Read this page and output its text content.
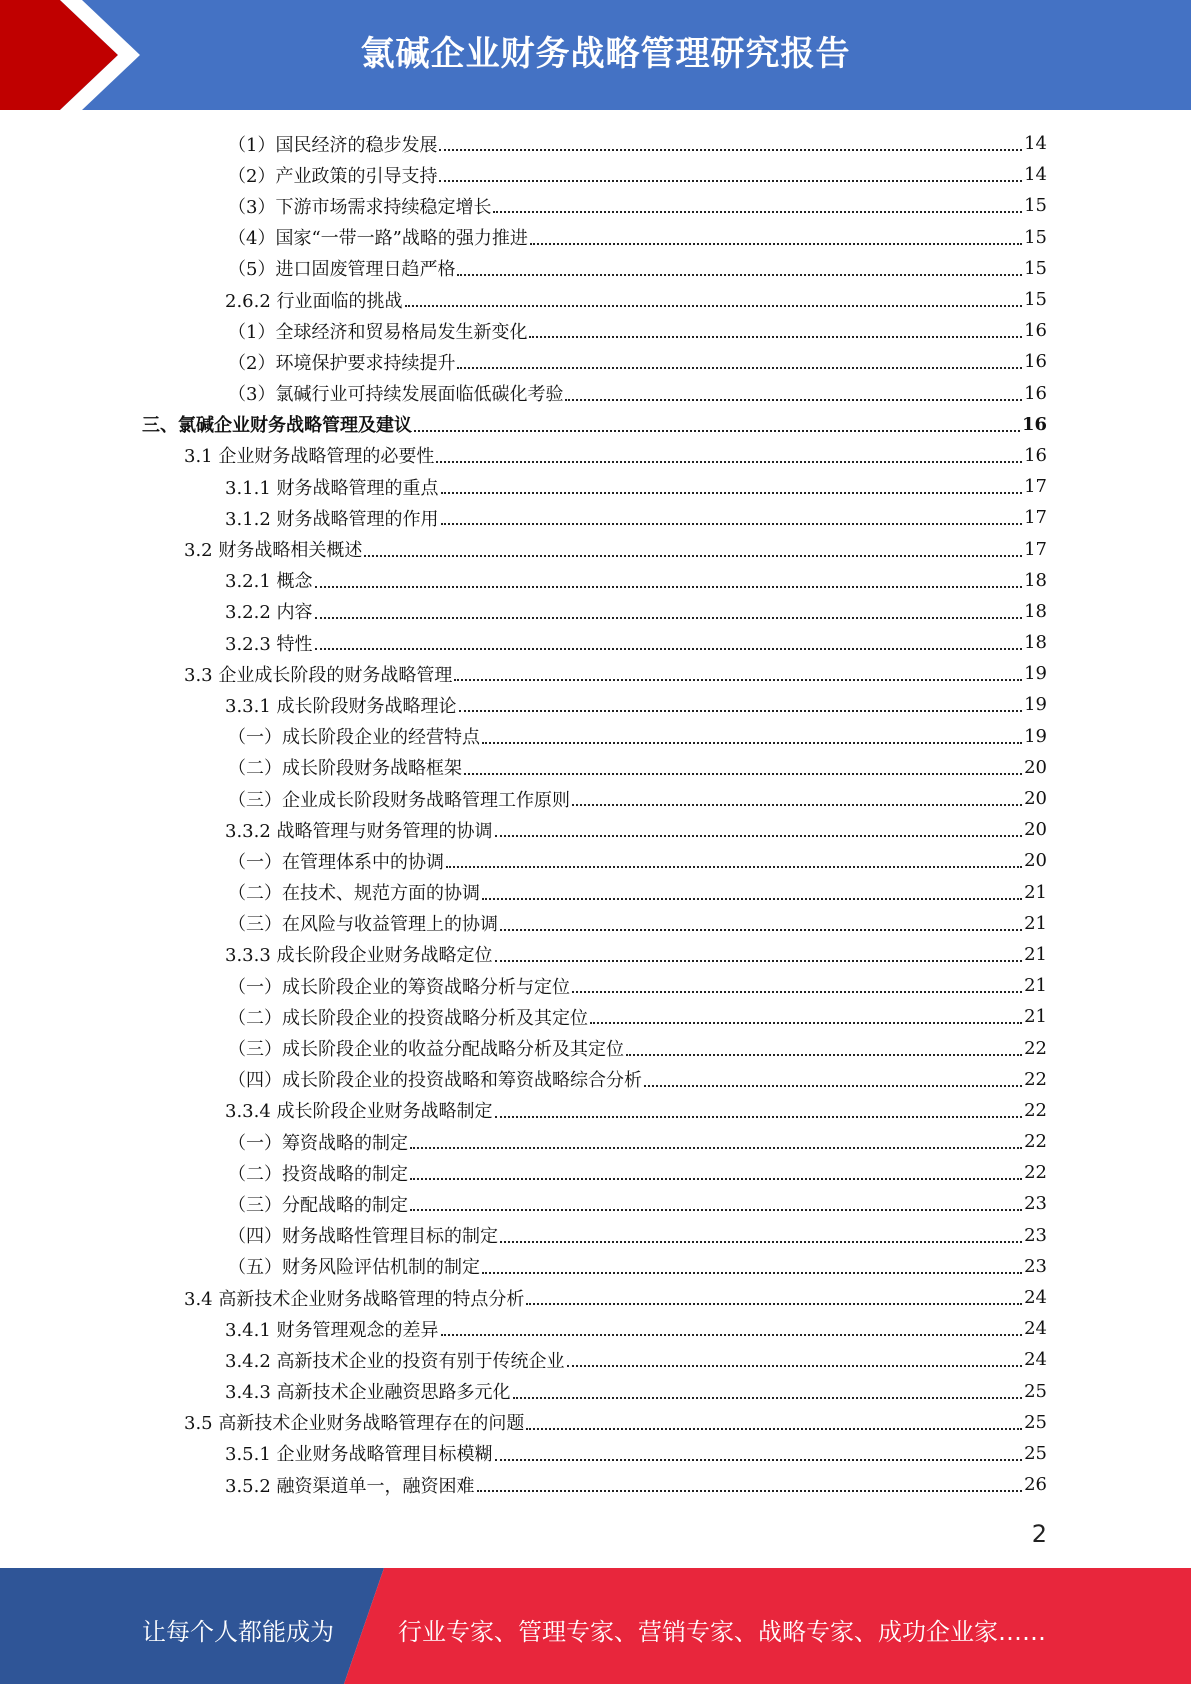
氯碱企业财务战略管理研究报告
（1）国民经济的稳步发展	14
（2）产业政策的引导支持	14
（3）下游市场需求持续稳定增长	15
（4）国家“一带一路”战略的强力推进	15
（5）进口固废管理日趋严格	15
2.6.2 行业面临的挑战	15
（1）全球经济和贸易格局发生新变化	16
（2）环境保护要求持续提升	16
（3）氯碱行业可持续发展面临低碳化考验	16
三、氯碱企业财务战略管理及建议	16
3.1 企业财务战略管理的必要性	16
3.1.1 财务战略管理的重点	17
3.1.2 财务战略管理的作用	17
3.2 财务战略相关概述	17
3.2.1 概念	18
3.2.2 内容	18
3.2.3 特性	18
3.3 企业成长阶段的财务战略管理	19
3.3.1 成长阶段财务战略理论	19
（一）成长阶段企业的经营特点	19
（二）成长阶段财务战略框架	20
（三）企业成长阶段财务战略管理工作原则	20
3.3.2 战略管理与财务管理的协调	20
（一）在管理体系中的协调	20
（二）在技术、规范方面的协调	21
（三）在风险与收益管理上的协调	21
3.3.3 成长阶段企业财务战略定位	21
（一）成长阶段企业的筹资战略分析与定位	21
（二）成长阶段企业的投资战略分析及其定位	21
（三）成长阶段企业的收益分配战略分析及其定位	22
（四）成长阶段企业的投资战略和筹资战略综合分析	22
3.3.4 成长阶段企业财务战略制定	22
（一）筹资战略的制定	22
（二）投资战略的制定	22
（三）分配战略的制定	23
（四）财务战略性管理目标的制定	23
（五）财务风险评估机制的制定	23
3.4 高新技术企业财务战略管理的特点分析	24
3.4.1 财务管理观念的差异	24
3.4.2 高新技术企业的投资有别于传统企业	24
3.4.3 高新技术企业融资思路多元化	25
3.5 高新技术企业财务战略管理存在的问题	25
3.5.1 企业财务战略管理目标模糊	25
3.5.2 融资渠道单一，融资困难	26
2
让每个人都能成为	行业专家、管理专家、营销专家、战略专家、成功企业家……
